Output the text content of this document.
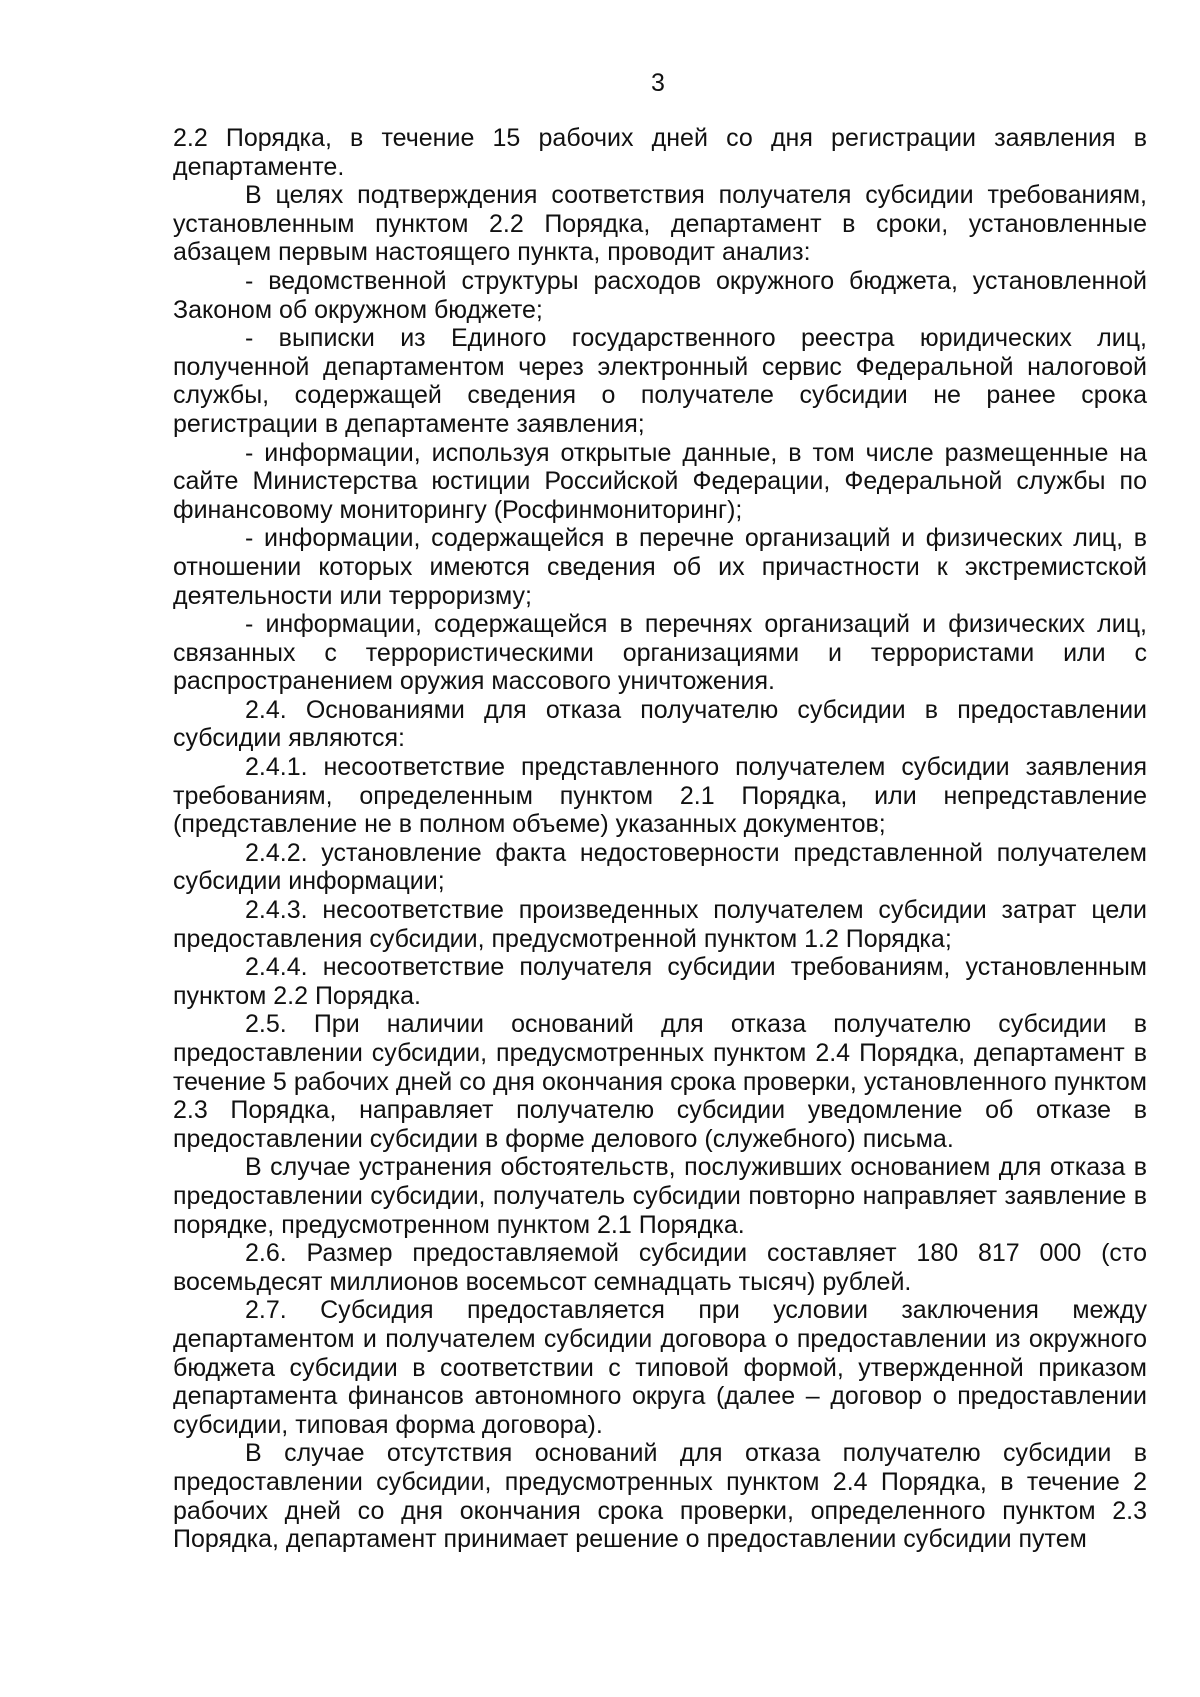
3

2.2 Порядка, в течение 15 рабочих дней со дня регистрации заявления в департаменте.

В целях подтверждения соответствия получателя субсидии требованиям, установленным пунктом 2.2 Порядка, департамент в сроки, установленные абзацем первым настоящего пункта, проводит анализ:

- ведомственной структуры расходов окружного бюджета, установленной Законом об окружном бюджете;

- выписки из Единого государственного реестра юридических лиц, полученной департаментом через электронный сервис Федеральной налоговой службы, содержащей сведения о получателе субсидии не ранее срока регистрации в департаменте заявления;

- информации, используя открытые данные, в том числе размещенные на сайте Министерства юстиции Российской Федерации, Федеральной службы по финансовому мониторингу (Росфинмониторинг);

- информации, содержащейся в перечне организаций и физических лиц, в отношении которых имеются сведения об их причастности к экстремистской деятельности или терроризму;

- информации, содержащейся в перечнях организаций и физических лиц, связанных с террористическими организациями и террористами или с распространением оружия массового уничтожения.

2.4. Основаниями для отказа получателю субсидии в предоставлении субсидии являются:

2.4.1. несоответствие представленного получателем субсидии заявления требованиям, определенным пунктом 2.1 Порядка, или непредставление (представление не в полном объеме) указанных документов;

2.4.2. установление факта недостоверности представленной получателем субсидии информации;

2.4.3. несоответствие произведенных получателем субсидии затрат цели предоставления субсидии, предусмотренной пунктом 1.2 Порядка;

2.4.4. несоответствие получателя субсидии требованиям, установленным пунктом 2.2 Порядка.

2.5. При наличии оснований для отказа получателю субсидии в предоставлении субсидии, предусмотренных пунктом 2.4 Порядка, департамент в течение 5 рабочих дней со дня окончания срока проверки, установленного пунктом 2.3 Порядка, направляет получателю субсидии уведомление об отказе в предоставлении субсидии в форме делового (служебного) письма.

В случае устранения обстоятельств, послуживших основанием для отказа в предоставлении субсидии, получатель субсидии повторно направляет заявление в порядке, предусмотренном пунктом 2.1 Порядка.

2.6. Размер предоставляемой субсидии составляет 180 817 000 (сто восемьдесят миллионов восемьсот семнадцать тысяч) рублей.

2.7. Субсидия предоставляется при условии заключения между департаментом и получателем субсидии договора о предоставлении из окружного бюджета субсидии в соответствии с типовой формой, утвержденной приказом департамента финансов автономного округа (далее – договор о предоставлении субсидии, типовая форма договора).

В случае отсутствия оснований для отказа получателю субсидии в предоставлении субсидии, предусмотренных пунктом 2.4 Порядка, в течение 2 рабочих дней со дня окончания срока проверки, определенного пунктом 2.3 Порядка, департамент принимает решение о предоставлении субсидии путем
